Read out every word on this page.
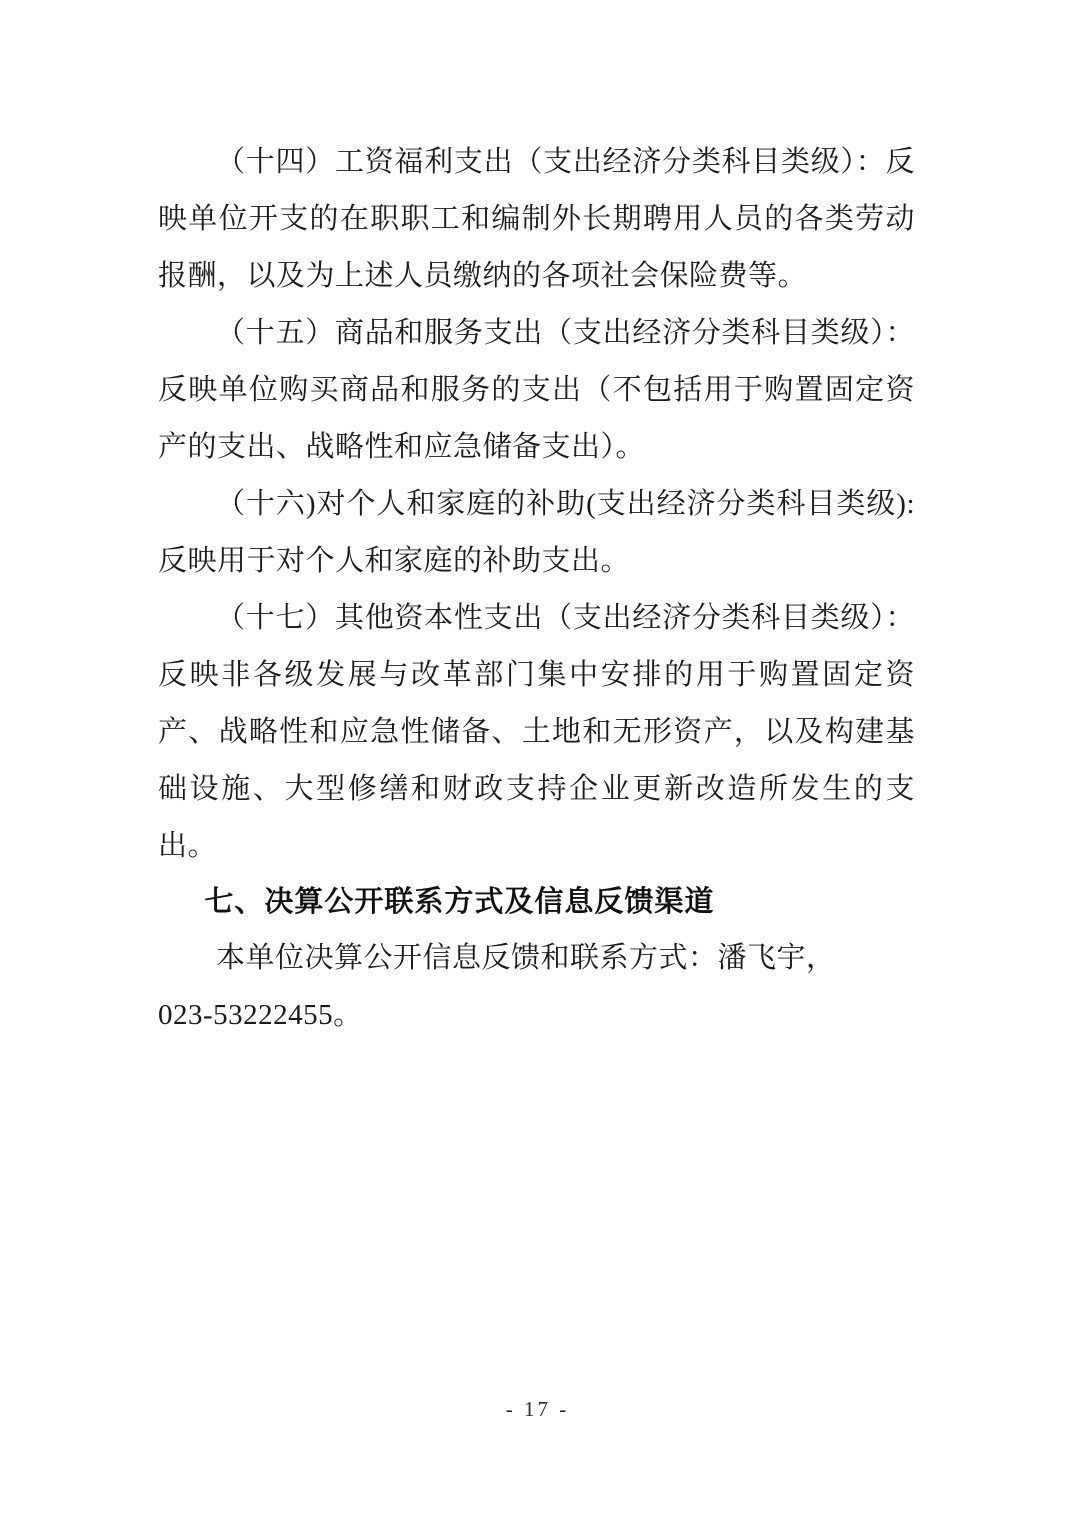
（十四）工资福利支出（支出经济分类科目类级）：反映单位开支的在职职工和编制外长期聘用人员的各类劳动报酬，以及为上述人员缴纳的各项社会保险费等。

（十五）商品和服务支出（支出经济分类科目类级）：反映单位购买商品和服务的支出（不包括用于购置固定资产的支出、战略性和应急储备支出）。

（十六)对个人和家庭的补助(支出经济分类科目类级):反映用于对个人和家庭的补助支出。

（十七）其他资本性支出（支出经济分类科目类级）：反映非各级发展与改革部门集中安排的用于购置固定资产、战略性和应急性储备、土地和无形资产，以及构建基础设施、大型修缮和财政支持企业更新改造所发生的支出。

七、决算公开联系方式及信息反馈渠道

本单位决算公开信息反馈和联系方式：潘飞宇，
023-53222455。

- 17 -
